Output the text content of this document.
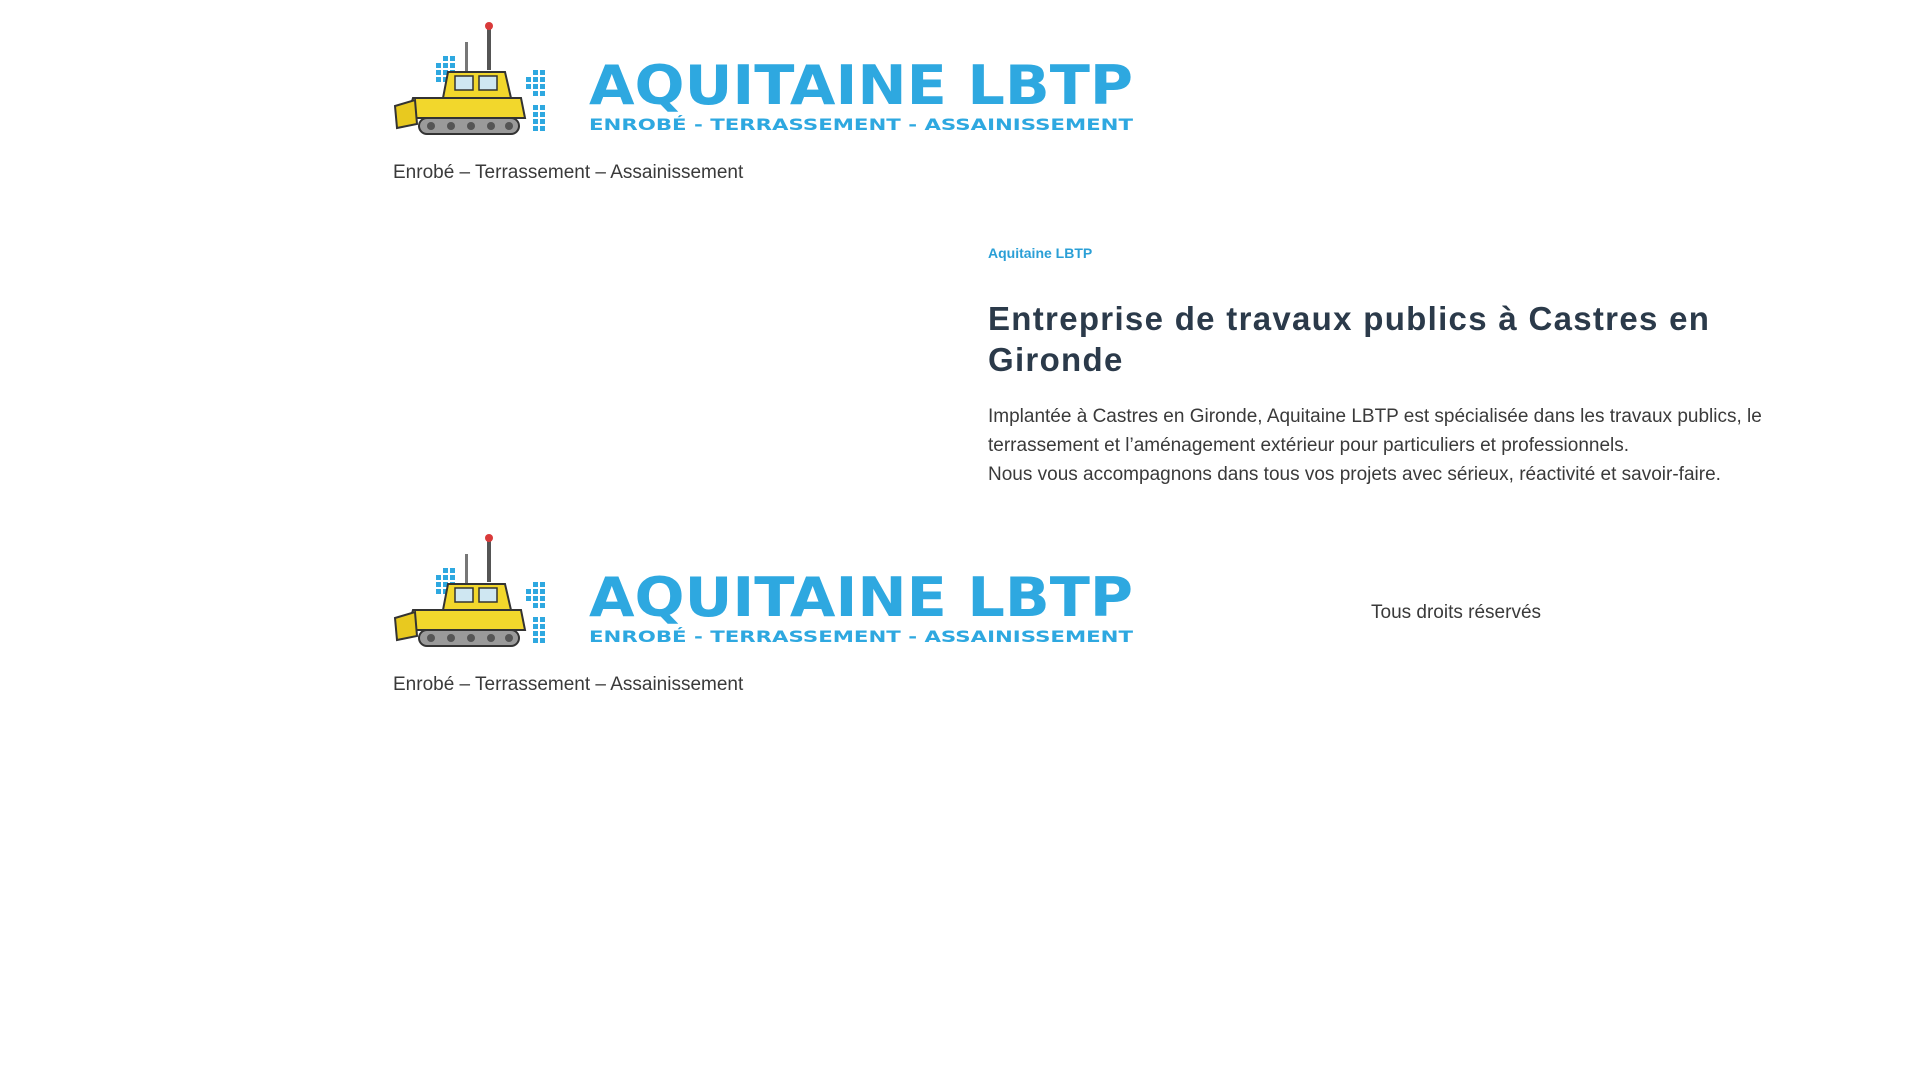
AQUITAINE LBTP
ENROBÉ - TERRASSEMENT - ASSAINISSEMENT

Enrobé – Terrassement – Assainissement

Aquitaine LBTP

Entreprise de travaux publics à Castres en Gironde

Implantée à Castres en Gironde, Aquitaine LBTP est spécialisée dans les travaux publics, le terrassement et l’aménagement extérieur pour particuliers et professionnels.
Nous vous accompagnons dans tous vos projets avec sérieux, réactivité et savoir-faire.

AQUITAINE LBTP
ENROBÉ - TERRASSEMENT - ASSAINISSEMENT

Enrobé – Terrassement – Assainissement

Tous droits réservés
